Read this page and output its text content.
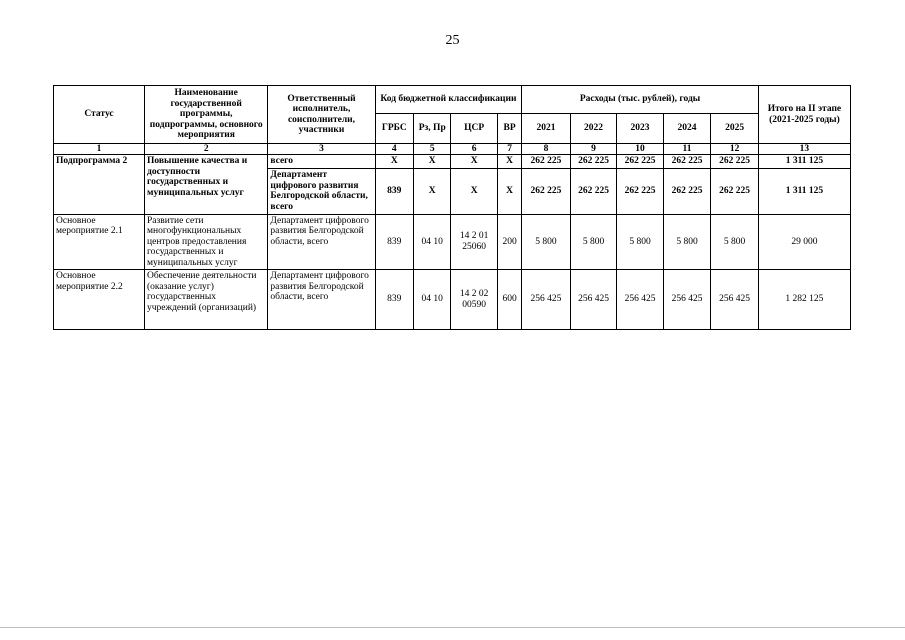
25
Статус	Наименование государственной программы, подпрограммы, основного мероприятия	Ответственный исполнитель, соисполнители, участники	Код бюджетной классификации				Расходы (тыс. рублей), годы					Итого на II этапе (2021-2025 годы)
			ГРБС	Рз, Пр	ЦСР	ВР	2021	2022	2023	2024	2025	
1	2	3	4	5	6	7	8	9	10	11	12	13
Подпрограмма 2	Повышение качества и доступности государственных и муниципальных услуг	всего	Х	Х	Х	Х	262 225	262 225	262 225	262 225	262 225	1 311 125
		Департамент цифрового развития Белгородской области, всего	839	Х	Х	Х	262 225	262 225	262 225	262 225	262 225	1 311 125
Основное мероприятие 2.1	Развитие сети многофункциональных центров предоставления государственных и муниципальных услуг	Департамент цифрового развития Белгородской области, всего	839	04 10	14 2 01 25060	200	5 800	5 800	5 800	5 800	5 800	29 000
Основное мероприятие 2.2	Обеспечение деятельности (оказание услуг) государственных учреждений (организаций)	Департамент цифрового развития Белгородской области, всего	839	04 10	14 2 02 00590	600	256 425	256 425	256 425	256 425	256 425	1 282 125
